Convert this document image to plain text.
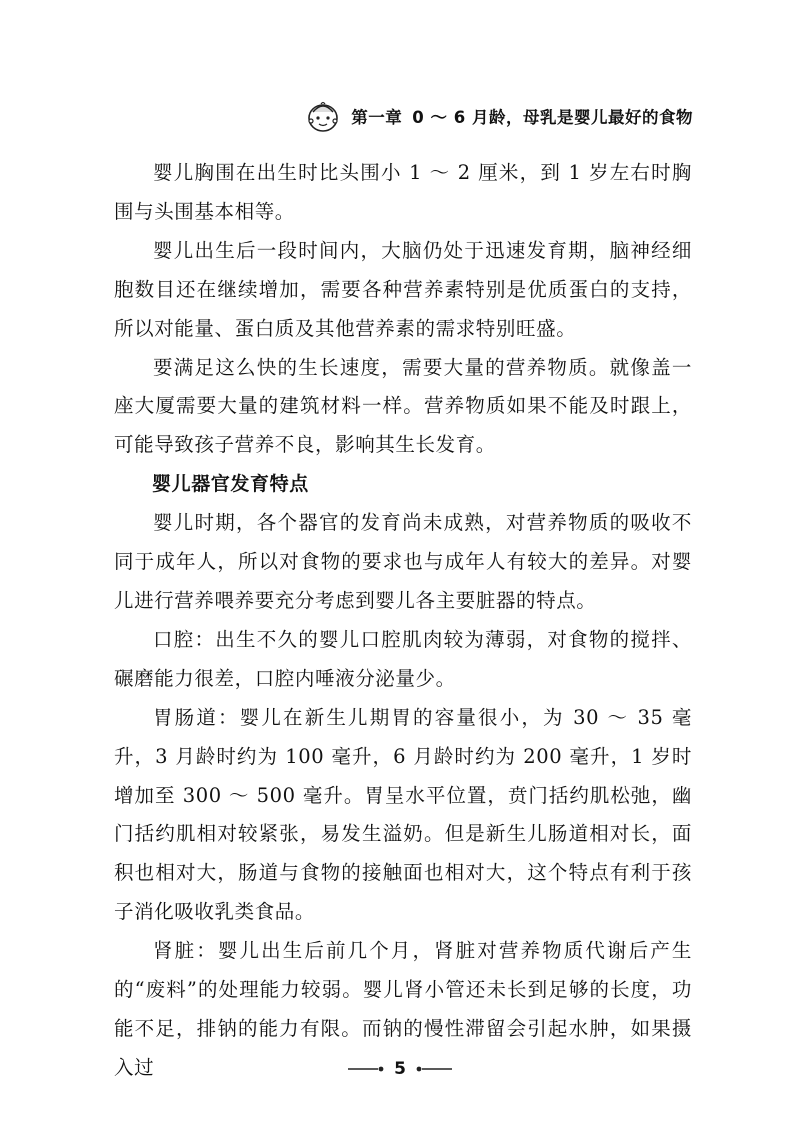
第一章 0 ～ 6 月龄，母乳是婴儿最好的食物

婴儿胸围在出生时比头围小 1 ～ 2 厘米，到 1 岁左右时胸围与头围基本相等。

婴儿出生后一段时间内，大脑仍处于迅速发育期，脑神经细胞数目还在继续增加，需要各种营养素特别是优质蛋白的支持，所以对能量、蛋白质及其他营养素的需求特别旺盛。

要满足这么快的生长速度，需要大量的营养物质。就像盖一座大厦需要大量的建筑材料一样。营养物质如果不能及时跟上，可能导致孩子营养不良，影响其生长发育。

婴儿器官发育特点

婴儿时期，各个器官的发育尚未成熟，对营养物质的吸收不同于成年人，所以对食物的要求也与成年人有较大的差异。对婴儿进行营养喂养要充分考虑到婴儿各主要脏器的特点。

口腔：出生不久的婴儿口腔肌肉较为薄弱，对食物的搅拌、碾磨能力很差，口腔内唾液分泌量少。

胃肠道：婴儿在新生儿期胃的容量很小，为 30 ～ 35 毫升，3 月龄时约为 100 毫升，6 月龄时约为 200 毫升，1 岁时增加至 300 ～ 500 毫升。胃呈水平位置，贲门括约肌松弛，幽门括约肌相对较紧张，易发生溢奶。但是新生儿肠道相对长，面积也相对大，肠道与食物的接触面也相对大，这个特点有利于孩子消化吸收乳类食品。

肾脏：婴儿出生后前几个月，肾脏对营养物质代谢后产生的“废料”的处理能力较弱。婴儿肾小管还未长到足够的长度，功能不足，排钠的能力有限。而钠的慢性滞留会引起水肿，如果摄入过	5
